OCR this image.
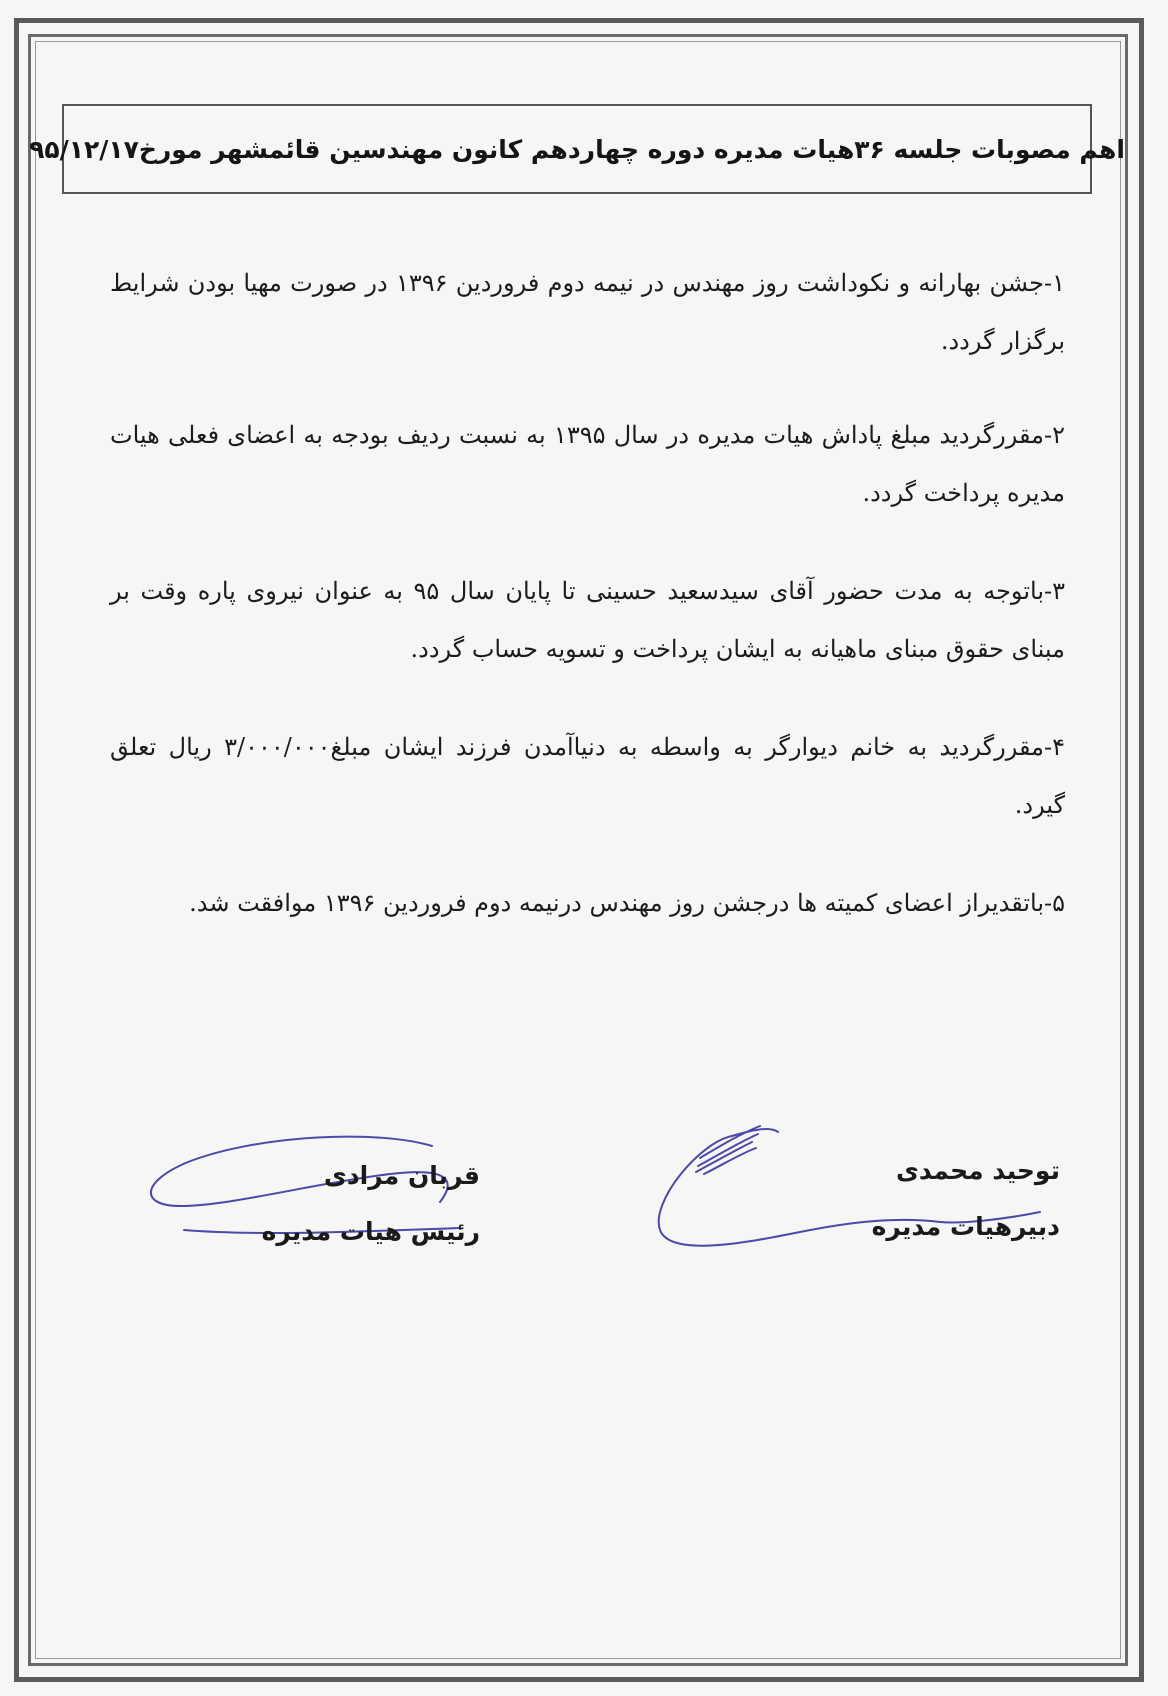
اهم مصوبات جلسه ۳۶هیات مدیره دوره چهاردهم کانون مهندسین قائمشهر مورخ۹۵/۱۲/۱۷
۱-جشن بهارانه و نکوداشت روز مهندس در نیمه دوم فروردین ۱۳۹۶ در صورت مهیا بودن شرایط برگزار گردد.
۲-مقررگردید مبلغ پاداش هیات مدیره در سال ۱۳۹۵ به نسبت ردیف بودجه به اعضای فعلی هیات مدیره پرداخت گردد.
۳-باتوجه به مدت حضور آقای سیدسعید حسینی تا پایان سال ۹۵ به عنوان نیروی پاره وقت بر مبنای حقوق مبنای ماهیانه به ایشان پرداخت و تسویه حساب گردد.
۴-مقررگردید به خانم دیوارگر به واسطه به دنیاآمدن فرزند ایشان مبلغ۳/۰۰۰/۰۰۰ ریال تعلق گیرد.
۵-باتقدیراز اعضای کمیته ها درجشن روز مهندس درنیمه دوم فروردین ۱۳۹۶ موافقت شد.
قربان مرادی
رئیس هیات مدیره
توحید محمدی
دبیرهیات مدیره
